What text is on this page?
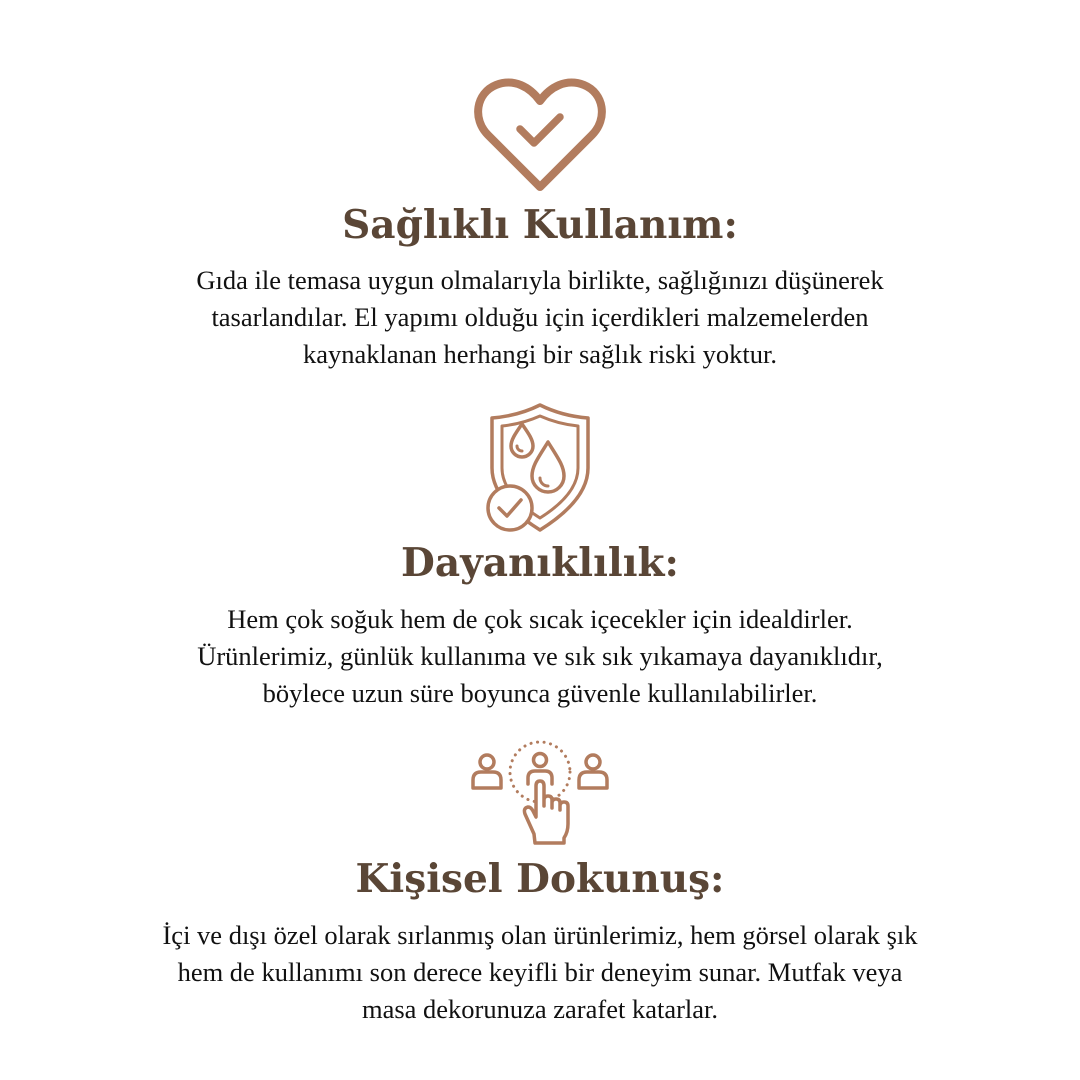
Sağlıklı Kullanım:
Gıda ile temasa uygun olmalarıyla birlikte, sağlığınızı düşünerek
tasarlandılar. El yapımı olduğu için içerdikleri malzemelerden
kaynaklanan herhangi bir sağlık riski yoktur.
Dayanıklılık:
Hem çok soğuk hem de çok sıcak içecekler için idealdirler.
Ürünlerimiz, günlük kullanıma ve sık sık yıkamaya dayanıklıdır,
böylece uzun süre boyunca güvenle kullanılabilirler.
Kişisel Dokunuş:
İçi ve dışı özel olarak sırlanmış olan ürünlerimiz, hem görsel olarak şık
hem de kullanımı son derece keyifli bir deneyim sunar. Mutfak veya
masa dekorunuza zarafet katarlar.
